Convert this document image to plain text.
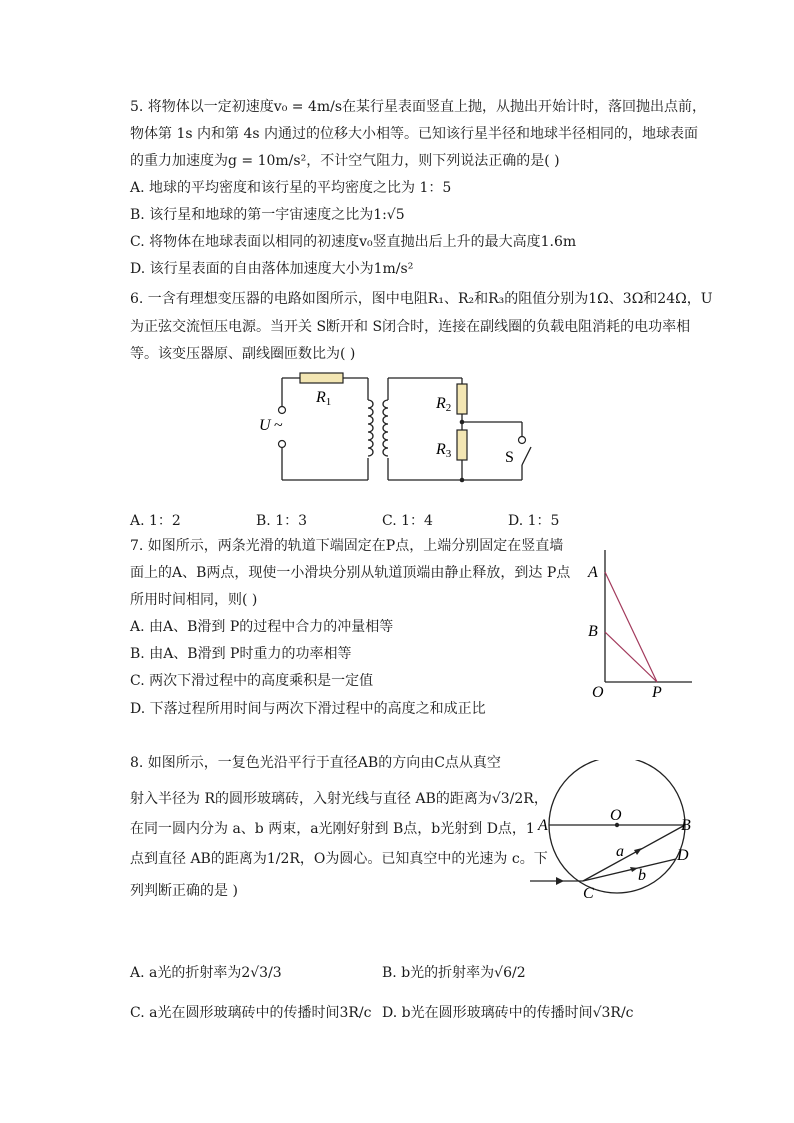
5. 将物体以一定初速度v₀ = 4m/s在某行星表面竖直上抛，从抛出开始计时，落回抛出点前，
物体第 1s 内和第 4s 内通过的位移大小相等。已知该行星半径和地球半径相同的，地球表面
的重力加速度为g = 10m/s²，不计空气阻力，则下列说法正确的是( )
A. 地球的平均密度和该行星的平均密度之比为 1：5
B. 该行星和地球的第一宇宙速度之比为1:√5
C. 将物体在地球表面以相同的初速度v₀竖直抛出后上升的最大高度1.6m
D. 该行星表面的自由落体加速度大小为1m/s²
6. 一含有理想变压器的电路如图所示，图中电阻R₁、R₂和R₃的阻值分别为1Ω、3Ω和24Ω，U
为正弦交流恒压电源。当开关 S断开和 S闭合时，连接在副线圈的负载电阻消耗的电功率相
等。该变压器原、副线圈匝数比为( )
U ~
R1	R2
R3	S
A. 1：2	B. 1：3	C. 1：4	D. 1：5
7. 如图所示，两条光滑的轨道下端固定在P点，上端分别固定在竖直墙
面上的A、B两点，现使一小滑块分别从轨道顶端由静止释放，到达 P点
所用时间相同，则( )
A. 由A、B滑到 P的过程中合力的冲量相等
B. 由A、B滑到 P时重力的功率相等
C. 两次下滑过程中的高度乘积是一定值
D. 下落过程所用时间与两次下滑过程中的高度之和成正比
A
B
O	P
8. 如图所示，一复色光沿平行于直径AB的方向由C点从真空
射入半径为 R的圆形玻璃砖，入射光线与直径 AB的距离为√3/2R，
在同一圆内分为 a、b 两束，a光刚好射到 B点，b光射到 D点，1
点到直径 AB的距离为1/2R，O为圆心。已知真空中的光速为 c。下
列判断正确的是 )
O
A	B
C
D
a
b
A. a光的折射率为2√3/3	B. b光的折射率为√6/2
C. a光在圆形玻璃砖中的传播时间3R/c D. b光在圆形玻璃砖中的传播时间√3R/c
